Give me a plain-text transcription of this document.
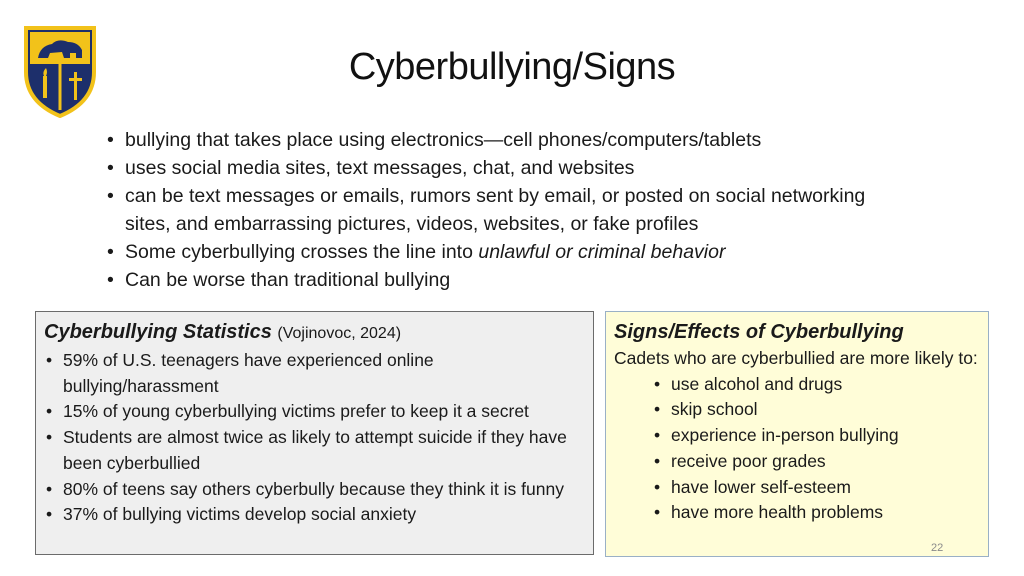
Cyberbullying/Signs
• bullying that takes place using electronics—cell phones/computers/tablets
• uses social media sites, text messages, chat, and websites
• can be text messages or emails, rumors sent by email, or posted on social networking sites, and embarrassing pictures, videos, websites, or fake profiles
• Some cyberbullying crosses the line into unlawful or criminal behavior
• Can be worse than traditional bullying
Cyberbullying Statistics (Vojinovoc, 2024)
• 59% of U.S. teenagers have experienced online bullying/harassment
• 15% of young cyberbullying victims prefer to keep it a secret
• Students are almost twice as likely to attempt suicide if they have been cyberbullied
• 80% of teens say others cyberbully because they think it is funny
• 37% of bullying victims develop social anxiety
Signs/Effects of Cyberbullying
Cadets who are cyberbullied are more likely to:
• use alcohol and drugs
• skip school
• experience in-person bullying
• receive poor grades
• have lower self-esteem
• have more health problems
22
